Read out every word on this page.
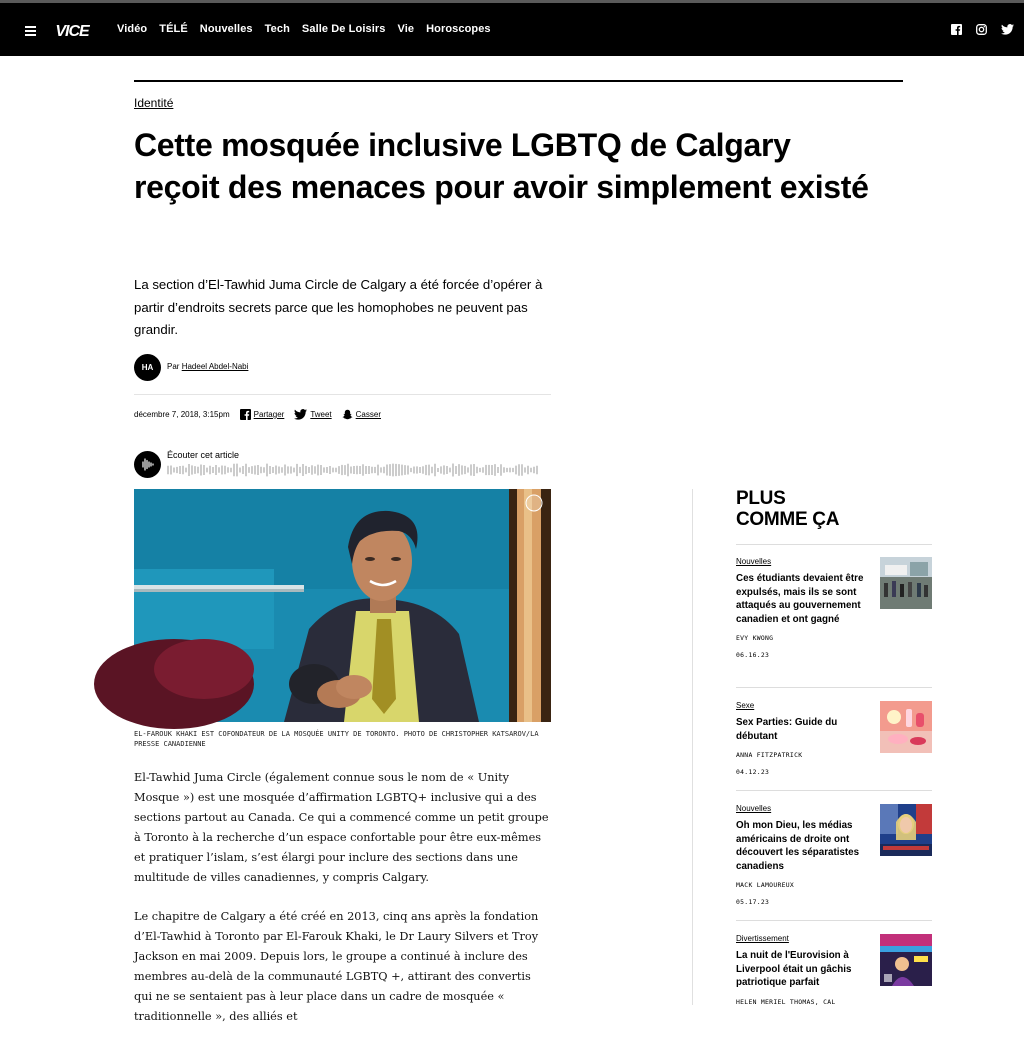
VICE	Vidéo TÉLÉ Nouvelles Tech Salle De Loisirs Vie Horoscopes
Identité
Cette mosquée inclusive LGBTQ de Calgary reçoit des menaces pour avoir simplement existé

La section d’El-Tawhid Juma Circle de Calgary a été forcée d’opérer à partir d’endroits secrets parce que les homophobes ne peuvent pas grandir.

HA	Par Hadeel Abdel-Nabi
décembre 7, 2018, 3:15pm	Partager	Tweet	Casser
Écouter cet article
EL-FAROUK KHAKI EST COFONDATEUR DE LA MOSQUÉE UNITY DE TORONTO. PHOTO DE CHRISTOPHER KATSAROV/LA PRESSE CANADIENNE

El-Tawhid Juma Circle (également connue sous le nom de « Unity Mosque ») est une mosquée d’affirmation LGBTQ+ inclusive qui a des sections partout au Canada. Ce qui a commencé comme un petit groupe à Toronto à la recherche d’un espace confortable pour être eux-mêmes et pratiquer l’islam, s’est élargi pour inclure des sections dans une multitude de villes canadiennes, y compris Calgary.

Le chapitre de Calgary a été créé en 2013, cinq ans après la fondation d’El-Tawhid à Toronto par El-Farouk Khaki, le Dr Laury Silvers et Troy Jackson en mai 2009. Depuis lors, le groupe a continué à inclure des membres au-delà de la communauté LGBTQ +, attirant des convertis qui ne se sentaient pas à leur place dans un cadre de mosquée « traditionnelle », des alliés et

PLUS
COMME ÇA
Nouvelles
Ces étudiants devaient être expulsés, mais ils se sont attaqués au gouvernement canadien et ont gagné
EVY KWONG
06.16.23
Sexe
Sex Parties: Guide du débutant
ANNA FITZPATRICK
04.12.23
Nouvelles
Oh mon Dieu, les médias américains de droite ont découvert les séparatistes canadiens
MACK LAMOUREUX
05.17.23
Divertissement
La nuit de l'Eurovision à Liverpool était un gâchis patriotique parfait
HELEN MERIEL THOMAS, CAL
